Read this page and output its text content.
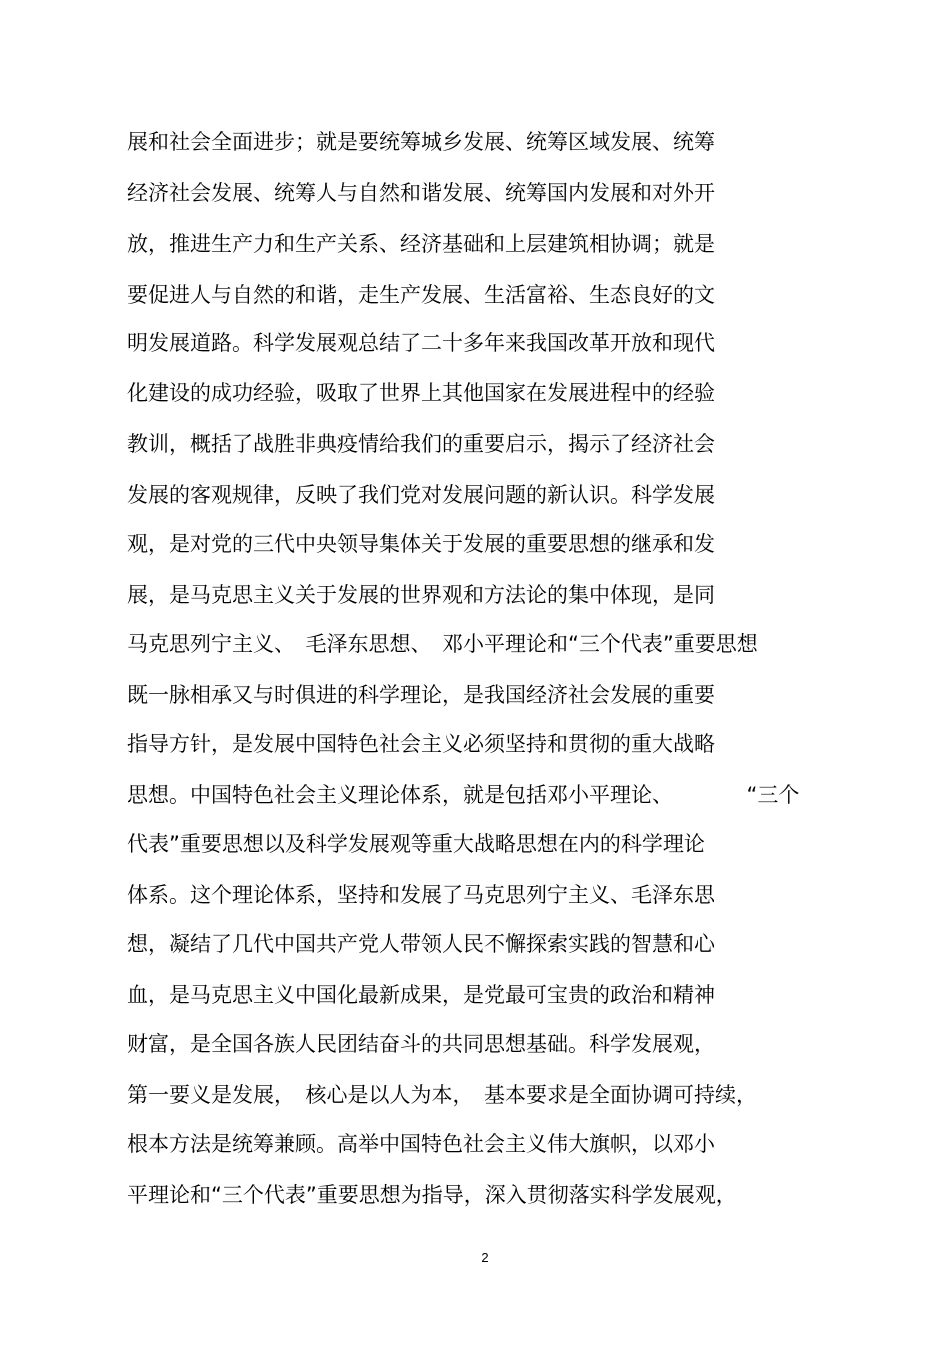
展和社会全面进步；就是要统筹城乡发展、统筹区域发展、统筹
经济社会发展、统筹人与自然和谐发展、统筹国内发展和对外开
放，推进生产力和生产关系、经济基础和上层建筑相协调；就是
要促进人与自然的和谐，走生产发展、生活富裕、生态良好的文
明发展道路。科学发展观总结了二十多年来我国改革开放和现代
化建设的成功经验，吸取了世界上其他国家在发展进程中的经验
教训，概括了战胜非典疫情给我们的重要启示，揭示了经济社会
发展的客观规律，反映了我们党对发展问题的新认识。科学发展
观，是对党的三代中央领导集体关于发展的重要思想的继承和发
展，是马克思主义关于发展的世界观和方法论的集中体现，是同
马克思列宁主义、　毛泽东思想、　邓小平理论和“三个代表”重要思想
既一脉相承又与时俱进的科学理论，是我国经济社会发展的重要
指导方针，是发展中国特色社会主义必须坚持和贯彻的重大战略
思想。中国特色社会主义理论体系，就是包括邓小平理论、　　　　“三个
代表”重要思想以及科学发展观等重大战略思想在内的科学理论
体系。这个理论体系，坚持和发展了马克思列宁主义、毛泽东思
想，凝结了几代中国共产党人带领人民不懈探索实践的智慧和心
血，是马克思主义中国化最新成果，是党最可宝贵的政治和精神
财富，是全国各族人民团结奋斗的共同思想基础。科学发展观，
第一要义是发展，　核心是以人为本，　基本要求是全面协调可持续，
根本方法是统筹兼顾。高举中国特色社会主义伟大旗帜，以邓小
平理论和“三个代表”重要思想为指导，深入贯彻落实科学发展观，
2
